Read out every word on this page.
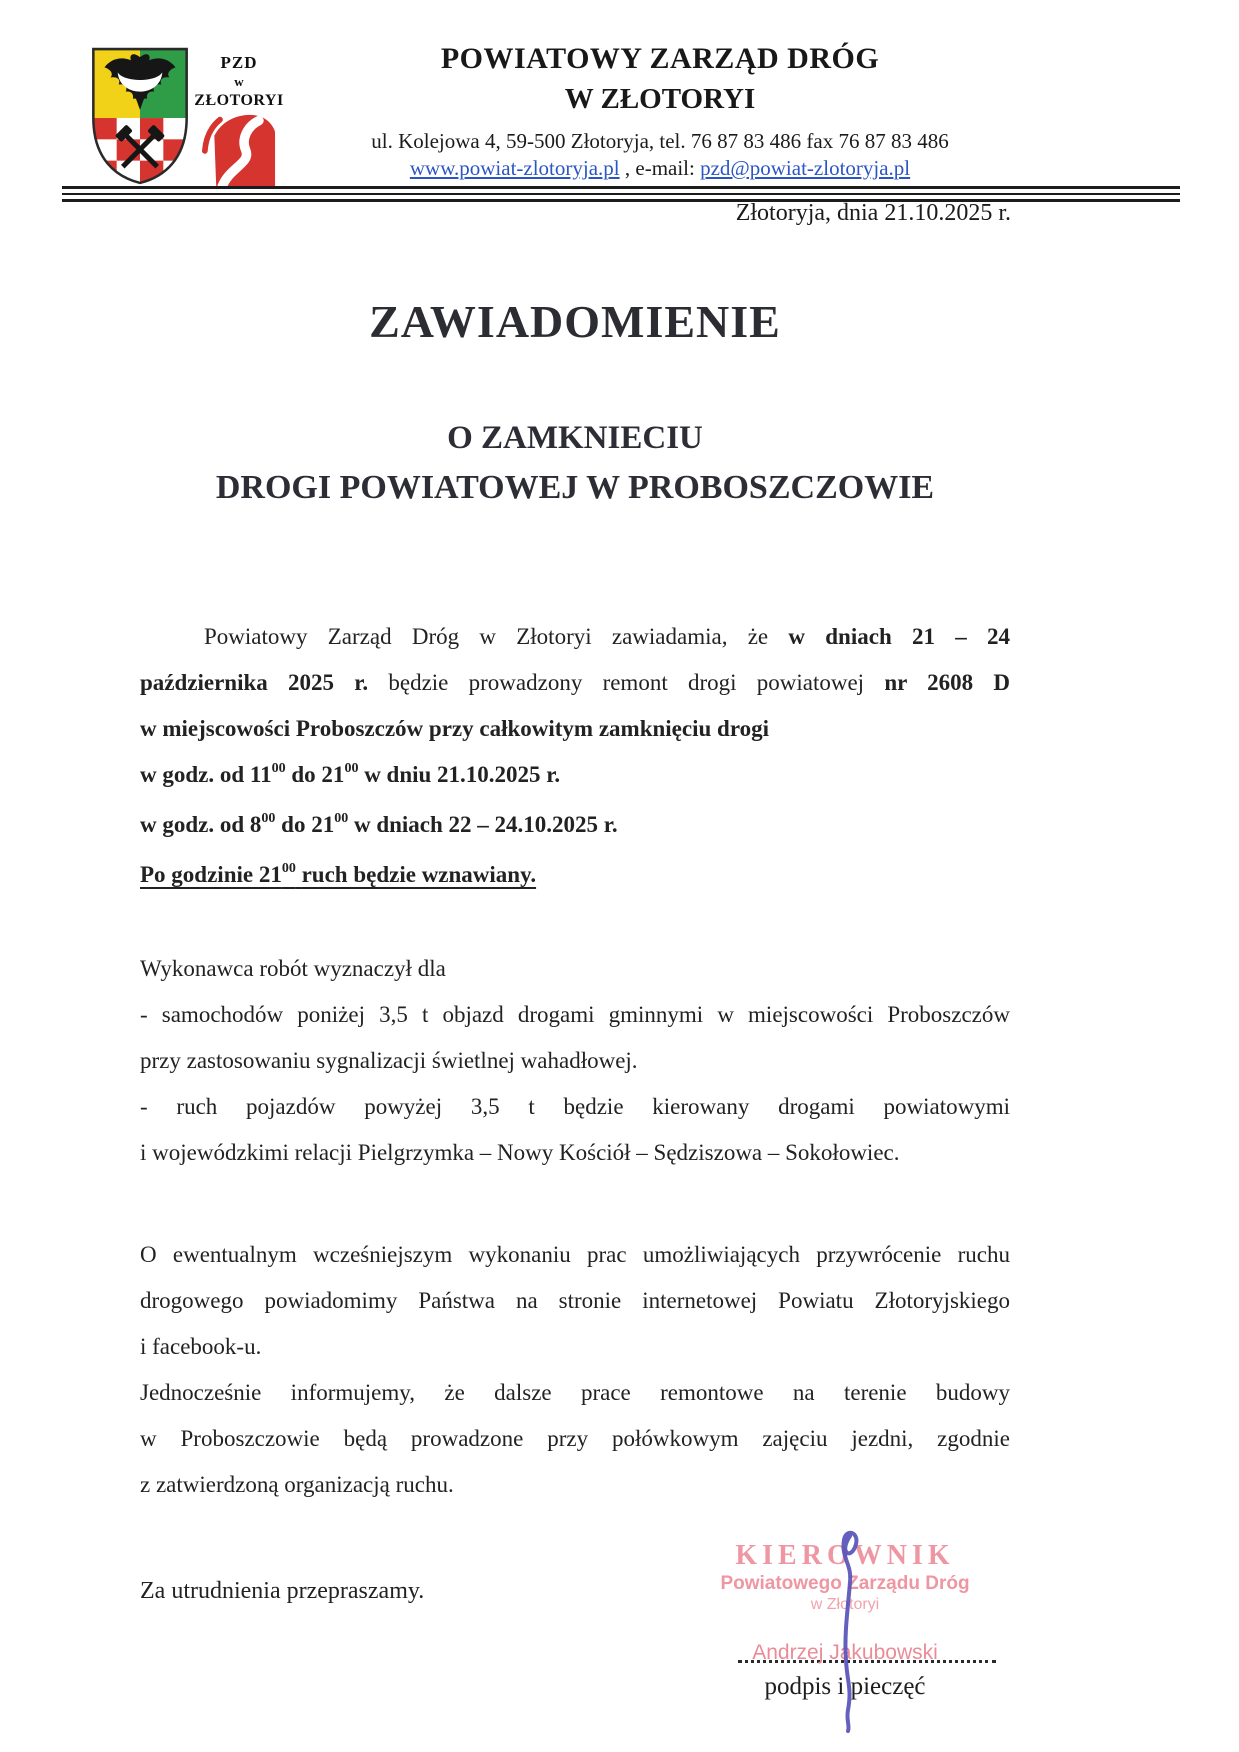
PZD
w
ZŁOTORYI
POWIATOWY ZARZĄD DRÓG
W ZŁOTORYI
ul. Kolejowa 4, 59-500 Złotoryja, tel. 76 87 83 486 fax 76 87 83 486
www.powiat-zlotoryja.pl , e-mail: pzd@powiat-zlotoryja.pl
Złotoryja, dnia 21.10.2025 r.
ZAWIADOMIENIE
O ZAMKNIECIU
DROGI POWIATOWEJ W PROBOSZCZOWIE
Powiatowy Zarząd Dróg w Złotoryi zawiadamia, że w dniach 21 – 24
października 2025 r. będzie prowadzony remont drogi powiatowej nr 2608 D
w miejscowości Proboszczów przy całkowitym zamknięciu drogi
w godz. od $11^{00}$ do $21^{00}$ w dniu 21.10.2025 r.
w godz. od $8^{00}$ do $21^{00}$ w dniach 22 – 24.10.2025 r.
Po godzinie $21^{00}$ ruch będzie wznawiany.
Wykonawca robót wyznaczył dla
- samochodów poniżej 3,5 t objazd drogami gminnymi w miejscowości Proboszczów
przy zastosowaniu sygnalizacji świetlnej wahadłowej.
- ruch pojazdów powyżej 3,5 t będzie kierowany drogami powiatowymi
i wojewódzkimi relacji Pielgrzymka – Nowy Kościół – Sędziszowa – Sokołowiec.
O ewentualnym wcześniejszym wykonaniu prac umożliwiających przywrócenie ruchu
drogowego powiadomimy Państwa na stronie internetowej Powiatu Złotoryjskiego
i facebook-u.
Jednocześnie informujemy, że dalsze prace remontowe na terenie budowy
w Proboszczowie będą prowadzone przy połówkowym zajęciu jezdni, zgodnie
z zatwierdzoną organizacją ruchu.
Za utrudnienia przepraszamy.
KIEROWNIK
Powiatowego Zarządu Dróg
w Złotoryi
Andrzej Jakubowski
podpis i pieczęć
